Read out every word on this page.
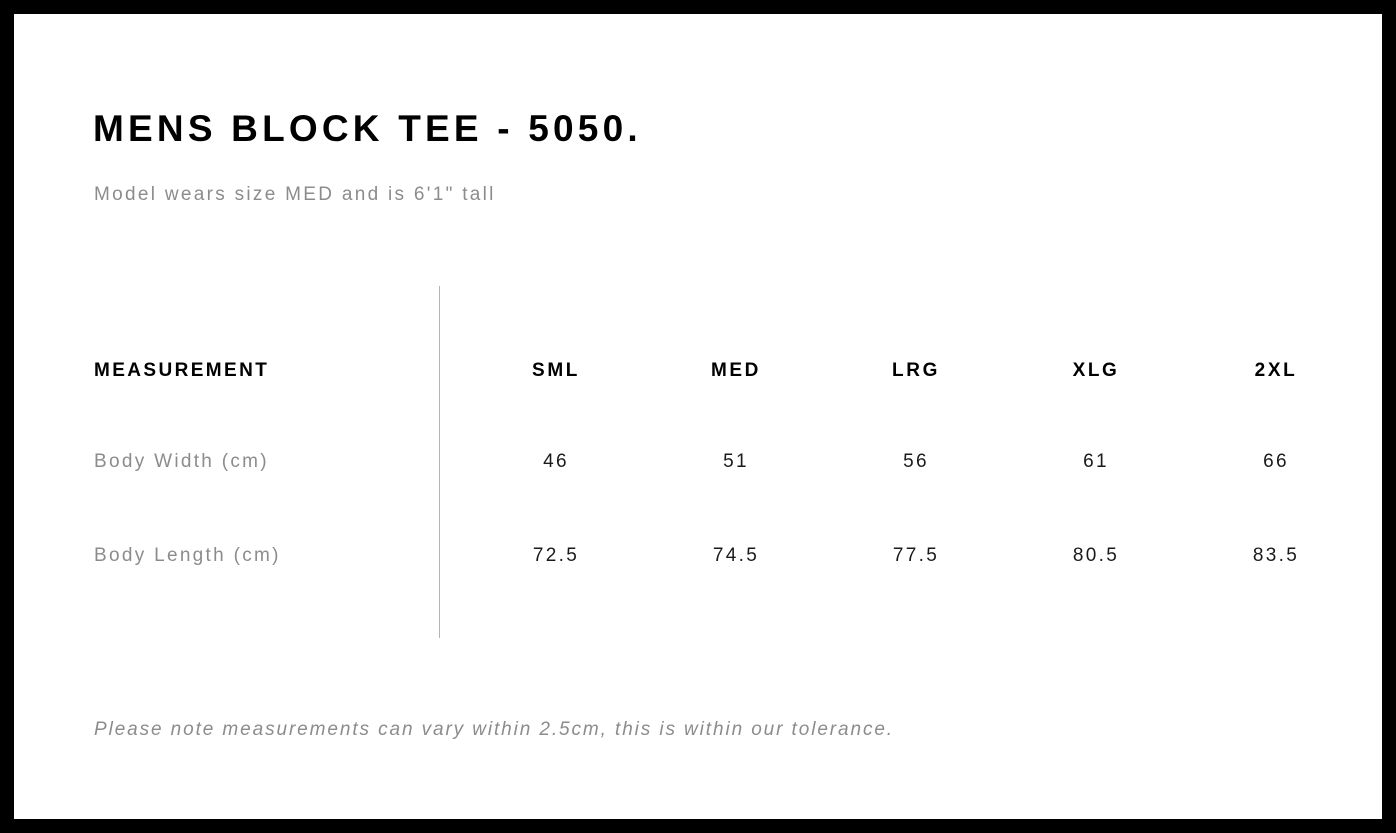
MENS BLOCK TEE - 5050.
Model wears size MED and is 6'1" tall
MEASUREMENT	SML	MED	LRG	XLG	2XL
Body Width (cm)	46	51	56	61	66
Body Length (cm)	72.5	74.5	77.5	80.5	83.5
Please note measurements can vary within 2.5cm, this is within our tolerance.
